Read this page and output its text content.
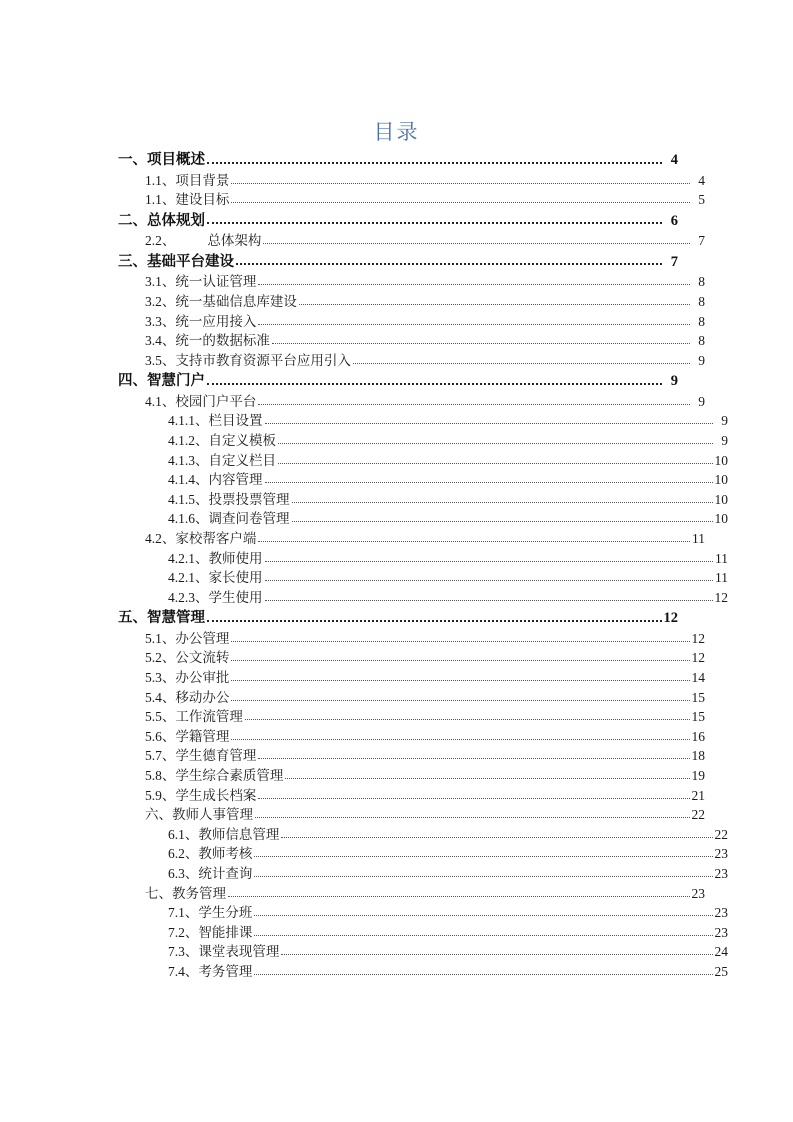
目录
一、项目概述	4
1.1、项目背景	4
1.1、建设目标	5
二、总体规划	6
2.2、 总体架构	7
三、基础平台建设	7
3.1、统一认证管理	8
3.2、统一基础信息库建设	8
3.3、统一应用接入	8
3.4、统一的数据标准	8
3.5、支持市教育资源平台应用引入	9
四、智慧门户	9
4.1、校园门户平台	9
4.1.1、栏目设置	9
4.1.2、自定义模板	9
4.1.3、自定义栏目	10
4.1.4、内容管理	10
4.1.5、投票投票管理	10
4.1.6、调查问卷管理	10
4.2、家校帮客户端	11
4.2.1、教师使用	11
4.2.1、家长使用	11
4.2.3、学生使用	12
五、智慧管理	12
5.1、办公管理	12
5.2、公文流转	12
5.3、办公审批	14
5.4、移动办公	15
5.5、工作流管理	15
5.6、学籍管理	16
5.7、学生德育管理	18
5.8、学生综合素质管理	19
5.9、学生成长档案	21
六、教师人事管理	22
6.1、教师信息管理	22
6.2、教师考核	23
6.3、统计查询	23
七、教务管理	23
7.1、学生分班	23
7.2、智能排课	23
7.3、课堂表现管理	24
7.4、考务管理	25
